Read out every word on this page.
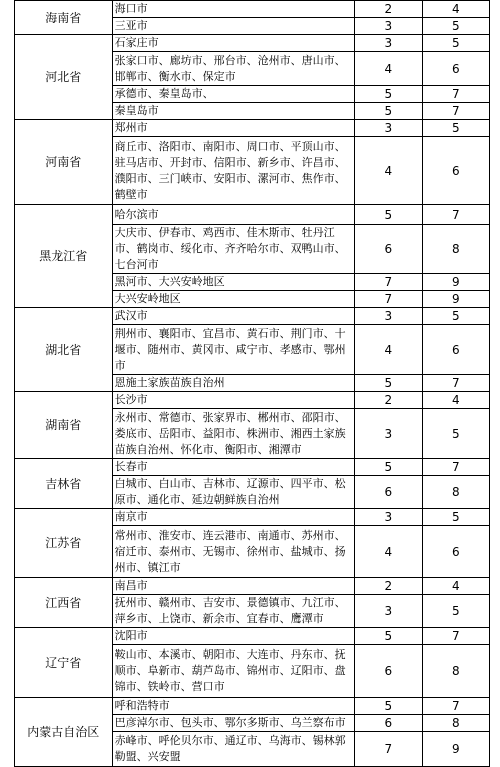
海南省	海口市	2	4
	三亚市	3	5
河北省	石家庄市	3	5
	张家口市、廊坊市、邢台市、沧州市、唐山市、邯郸市、衡水市、保定市	4	6
	承德市、秦皇岛市、	5	7
	秦皇岛市	5	7
河南省	郑州市	3	5
	商丘市、洛阳市、南阳市、周口市、平顶山市、驻马店市、开封市、信阳市、新乡市、许昌市、濮阳市、三门峡市、安阳市、漯河市、焦作市、鹤壁市	4	6
黑龙江省	哈尔滨市	5	7
	大庆市、伊春市、鸡西市、佳木斯市、牡丹江市、鹤岗市、绥化市、齐齐哈尔市、双鸭山市、七台河市	6	8
	黑河市、大兴安岭地区	7	9
	大兴安岭地区	7	9
湖北省	武汉市	3	5
	荆州市、襄阳市、宜昌市、黄石市、荆门市、十堰市、随州市、黄冈市、咸宁市、孝感市、鄂州市	4	6
	恩施土家族苗族自治州	5	7
湖南省	长沙市	2	4
	永州市、常德市、张家界市、郴州市、邵阳市、娄底市、岳阳市、益阳市、株洲市、湘西土家族苗族自治州、怀化市、衡阳市、湘潭市	3	5
吉林省	长春市	5	7
	白城市、白山市、吉林市、辽源市、四平市、松原市、通化市、延边朝鲜族自治州	6	8
江苏省	南京市	3	5
	常州市、淮安市、连云港市、南通市、苏州市、宿迁市、泰州市、无锡市、徐州市、盐城市、扬州市、镇江市	4	6
江西省	南昌市	2	4
	抚州市、赣州市、吉安市、景德镇市、九江市、萍乡市、上饶市、新余市、宜春市、鹰潭市	3	5
辽宁省	沈阳市	5	7
	鞍山市、本溪市、朝阳市、大连市、丹东市、抚顺市、阜新市、葫芦岛市、锦州市、辽阳市、盘锦市、铁岭市、营口市	6	8
内蒙古自治区	呼和浩特市	5	7
	巴彦淖尔市、包头市、鄂尔多斯市、乌兰察布市	6	8
	赤峰市、呼伦贝尔市、通辽市、乌海市、锡林郭勒盟、兴安盟	7	9
